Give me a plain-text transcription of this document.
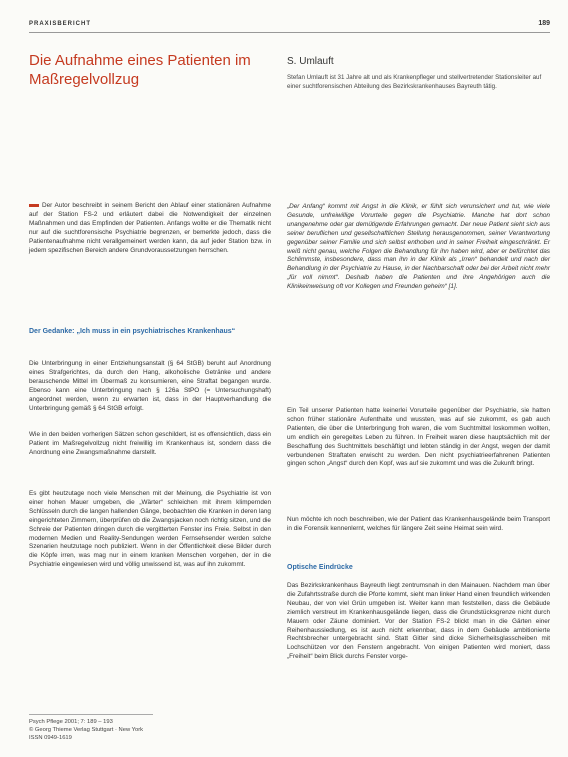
PRAXISBERICHT	189
Die Aufnahme eines Patienten im Maßregelvollzug
S. Umlauft
Stefan Umlauft ist 31 Jahre alt und als Krankenpfleger und stellvertretender Stationsleiter auf einer suchtforensischen Abteilung des Bezirkskrankenhauses Bayreuth tätig.
Der Autor beschreibt in seinem Bericht den Ablauf einer stationären Aufnahme auf der Station FS-2 und erläutert dabei die Notwendigkeit der einzelnen Maßnahmen und das Empfinden der Patienten. Anfangs wollte er die Thematik nicht nur auf die suchtforensische Psychiatrie begrenzen, er bemerkte jedoch, dass die Patientenaufnahme nicht verallgemeinert werden kann, da auf jeder Station bzw. in jedem spezifischen Bereich andere Grundvoraussetzungen herrschen.
„Der Anfang“ kommt mit Angst in die Klinik, er fühlt sich verunsichert und tut, wie viele Gesunde, unfreiwillige Vorurteile gegen die Psychiatrie. Manche hat dort schon unangenehme oder gar demütigende Erfahrungen gemacht. Der neue Patient sieht sich aus seiner beruflichen und gesellschaftlichen Stellung herausgenommen, seiner Verantwortung gegenüber seiner Familie und sich selbst enthoben und in seiner Freiheit eingeschränkt. Er weiß nicht genau, welche Folgen die Behandlung für ihn haben wird, aber er befürchtet das Schlimmste, insbesondere, dass man ihn in der Klinik als „Irren“ behandelt und nach der Behandlung in der Psychiatrie zu Hause, in der Nachbarschaft oder bei der Arbeit nicht mehr „für voll nimmt“. Deshalb haben die Patienten und ihre Angehörigen auch die Klinikeinweisung oft vor Kollegen und Freunden geheim“ [1].
Der Gedanke: „Ich muss in ein psychiatrisches Krankenhaus“
Die Unterbringung in einer Entziehungsanstalt (§ 64 StGB) beruht auf Anordnung eines Strafgerichtes, da durch den Hang, alkoholische Getränke und andere berauschende Mittel im Übermaß zu konsumieren, eine Straftat begangen wurde. Ebenso kann eine Unterbringung nach § 126a StPO (= Untersuchungshaft) angeordnet werden, wenn zu erwarten ist, dass in der Hauptverhandlung die Unterbringung gemäß § 64 StGB erfolgt.
Wie in den beiden vorherigen Sätzen schon geschildert, ist es offensichtlich, dass ein Patient im Maßregelvollzug nicht freiwillig im Krankenhaus ist, sondern dass die Anordnung eine Zwangsmaßnahme darstellt.
Es gibt heutzutage noch viele Menschen mit der Meinung, die Psychiatrie ist von einer hohen Mauer umgeben, die „Wärter“ schleichen mit ihrem klimpernden Schlüsseln durch die langen hallenden Gänge, beobachten die Kranken in deren lang eingerichteten Zimmern, überprüfen ob die Zwangsjacken noch richtig sitzen, und die Schreie der Patienten dringen durch die vergitterten Fenster ins Freie. Selbst in den modernen Medien und Reality-Sendungen werden Fernsehsender werden solche Szenarien heutzutage noch publiziert. Wenn in der Öffentlichkeit diese Bilder durch die Köpfe irren, was mag nur in einem kranken Menschen vorgehen, der in die Psychiatrie eingewiesen wird und völlig unwissend ist, was auf ihn zukommt.
Ein Teil unserer Patienten hatte keinerlei Vorurteile gegenüber der Psychiatrie, sie hatten schon früher stationäre Aufenthalte und wussten, was auf sie zukommt, es gab auch Patienten, die über die Unterbringung froh waren, die vom Suchtmittel loskommen wollten, um endlich ein geregeltes Leben zu führen. In Freiheit waren diese hauptsächlich mit der Beschaffung des Suchtmittels beschäftigt und lebten ständig in der Angst, wegen der damit verbundenen Straftaten erwischt zu werden. Den nicht psychiatrieerfahrenen Patienten gingen schon „Angst“ durch den Kopf, was auf sie zukommt und was die Zukunft bringt.
Nun möchte ich noch beschreiben, wie der Patient das Krankenhausgelände beim Transport in die Forensik kennenlernt, welches für längere Zeit seine Heimat sein wird.
Optische Eindrücke
Das Bezirkskrankenhaus Bayreuth liegt zentrumsnah in den Mainauen. Nachdem man über die Zufahrtsstraße durch die Pforte kommt, sieht man linker Hand einen freundlich wirkenden Neubau, der von viel Grün umgeben ist. Weiter kann man feststellen, dass die Gebäude ziemlich verstreut im Krankenhausgelände liegen, dass die Grundstücksgrenze nicht durch Mauern oder Zäune dominiert. Vor der Station FS-2 blickt man in die Gärten einer Reihenhaussiedlung, es ist auch nicht erkennbar, dass in dem Gebäude ambitionierte Rechtsbrecher untergebracht sind. Statt Gitter sind dicke Sicherheitsglasscheiben mit Lochschützen vor den Fenstern angebracht. Von einigen Patienten wird moniert, dass „Freiheit“ beim Blick durchs Fenster vorge-
Psych Pflege 2001; 7: 189 – 193
© Georg Thieme Verlag Stuttgart · New York
ISSN 0949-1619
